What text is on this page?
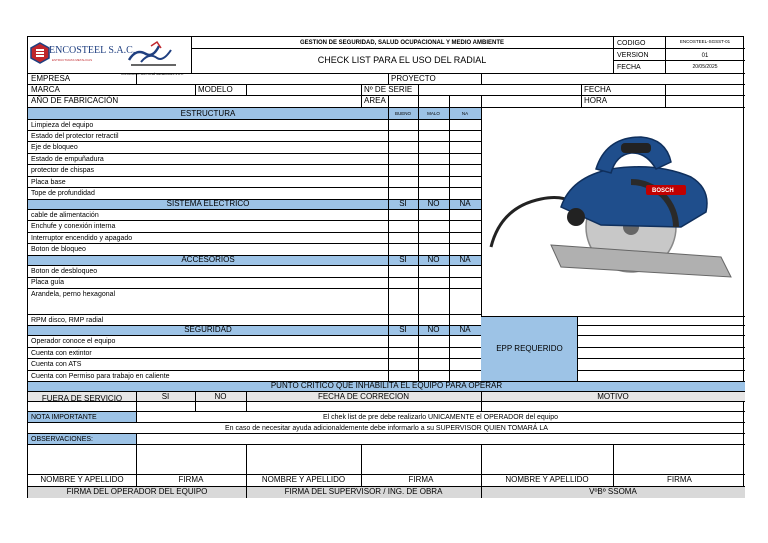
ENCOSTEEL S.A.C.
ESTRUCTURAS METALICAS
CONSORCIO SAN JOSÉ GENERALES S.A.C.
GESTION DE SEGURIDAD, SALUD OCUPACIONAL Y MEDIO AMBIENTE
CHECK LIST PARA EL USO DEL RADIAL
CODIGO	ENCOSTEEL-SGSST-01
VERSION	01
FECHA	20/05/2025
EMPRESA	PROYECTO
MARCA	MODELO	Nº DE SERIE	FECHA
AÑO DE FABRICACIÓN	AREA	HORA
ESTRUCTURA	BUENO	MALO	NA
Limpieza del equipo
Estado del protector retractil
Eje de bloqueo
Estado de empuñadura
protector de chispas
Placa base
Tope de profundidad
SISTEMA ELECTRICO	SI	NO	NA
cable de alimentación
Enchufe y conexión interna
Interruptor encendido y apagado
Boton de bloqueo
ACCESORIOS	SI	NO	NA
Boton de desbloqueo
Placa guía
Arandela, perno hexagonal
RPM disco, RMP radial
SEGURIDAD	SI	NO	NA
Operador conoce el equipo
Cuenta con extintor
Cuenta con ATS
Cuenta con Permiso para trabajo en caliente
BOSCH
EPP REQUERIDO
PUNTO CRITICO QUE INHABILITA EL EQUIPO PARA OPERAR
FUERA DE SERVICIO	SI	NO	FECHA DE CORRECION	MOTIVO
NOTA IMPORTANTE	El chek list de pre debe realizarlo UNICAMENTE el OPERADOR del equipo
En caso de necesitar ayuda adicionaldemente debe informarlo a su SUPERVISOR QUIEN TOMARÁ LA
OBSERVACIONES:
NOMBRE Y APELLIDO	FIRMA	NOMBRE Y APELLIDO	FIRMA	NOMBRE Y APELLIDO	FIRMA
FIRMA DEL OPERADOR DEL EQUIPO	FIRMA DEL SUPERVISOR / ING. DE OBRA	VºBº SSOMA
